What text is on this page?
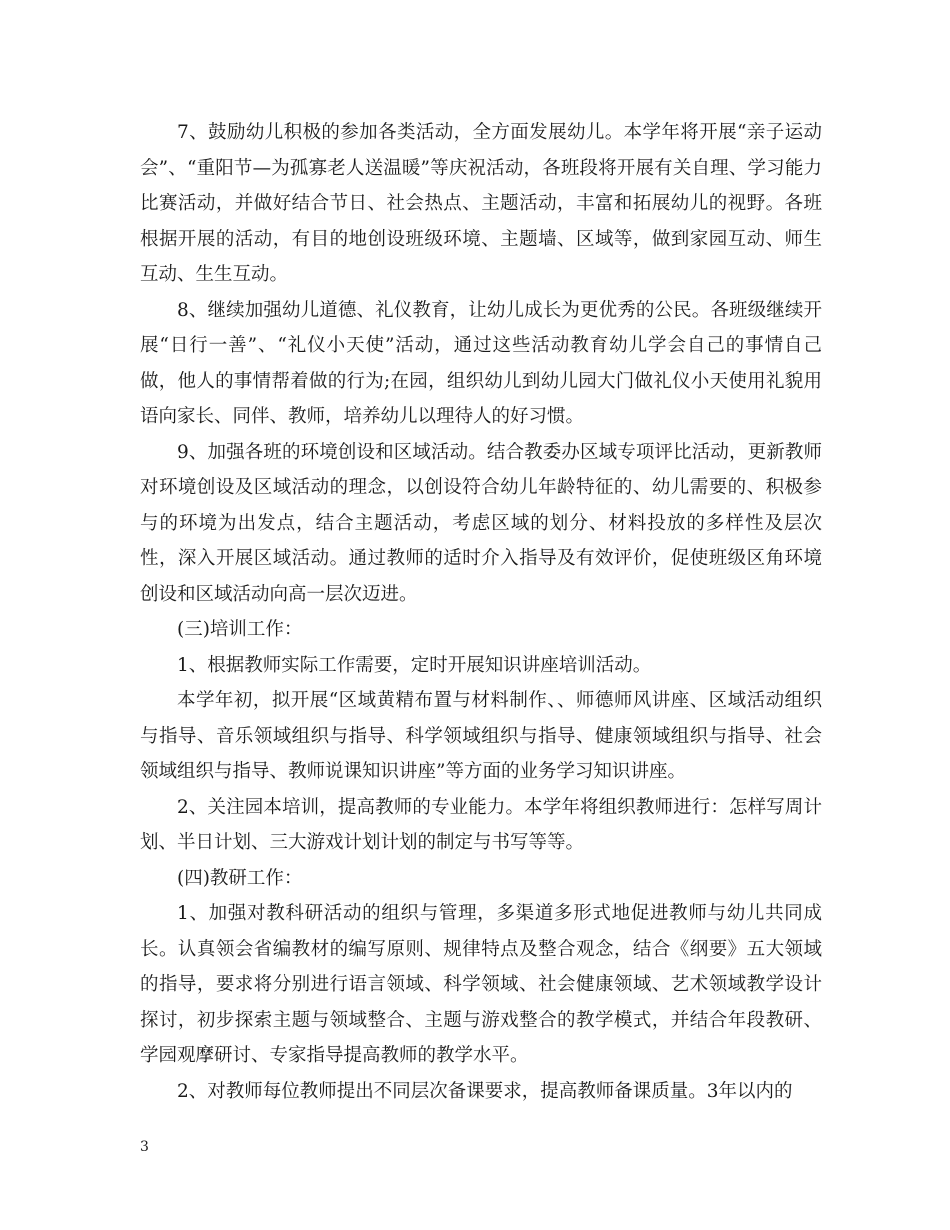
7、鼓励幼儿积极的参加各类活动，全方面发展幼儿。本学年将开展“亲子运动会”、“重阳节—为孤寡老人送温暖”等庆祝活动，各班段将开展有关自理、学习能力比赛活动，并做好结合节日、社会热点、主题活动，丰富和拓展幼儿的视野。各班根据开展的活动，有目的地创设班级环境、主题墙、区域等，做到家园互动、师生互动、生生互动。

8、继续加强幼儿道德、礼仪教育，让幼儿成长为更优秀的公民。各班级继续开展“日行一善”、“礼仪小天使”活动，通过这些活动教育幼儿学会自己的事情自己做，他人的事情帮着做的行为;在园，组织幼儿到幼儿园大门做礼仪小天使用礼貌用语向家长、同伴、教师，培养幼儿以理待人的好习惯。

9、加强各班的环境创设和区域活动。结合教委办区域专项评比活动，更新教师对环境创设及区域活动的理念，以创设符合幼儿年龄特征的、幼儿需要的、积极参与的环境为出发点，结合主题活动，考虑区域的划分、材料投放的多样性及层次性，深入开展区域活动。通过教师的适时介入指导及有效评价，促使班级区角环境创设和区域活动向高一层次迈进。

(三)培训工作：

1、根据教师实际工作需要，定时开展知识讲座培训活动。

本学年初，拟开展“区域黄精布置与材料制作、、师德师风讲座、区域活动组织与指导、音乐领域组织与指导、科学领域组织与指导、健康领域组织与指导、社会领域组织与指导、教师说课知识讲座”等方面的业务学习知识讲座。

2、关注园本培训，提高教师的专业能力。本学年将组织教师进行：怎样写周计划、半日计划、三大游戏计划计划的制定与书写等等。

(四)教研工作：

1、加强对教科研活动的组织与管理，多渠道多形式地促进教师与幼儿共同成长。认真领会省编教材的编写原则、规律特点及整合观念，结合《纲要》五大领域的指导，要求将分别进行语言领域、科学领域、社会健康领域、艺术领域教学设计探讨，初步探索主题与领域整合、主题与游戏整合的教学模式，并结合年段教研、学园观摩研讨、专家指导提高教师的教学水平。

2、对教师每位教师提出不同层次备课要求，提高教师备课质量。3年以内的

3
